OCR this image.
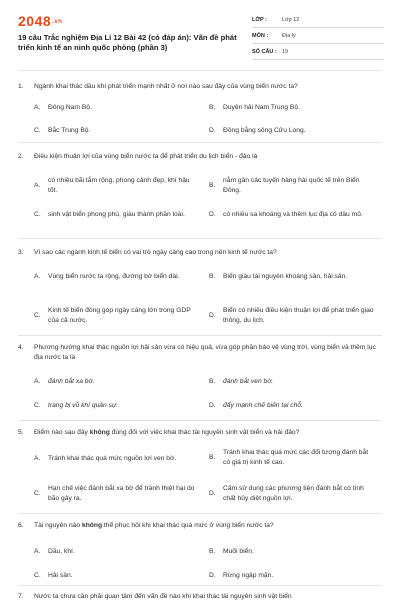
2048.vn
19 câu Trắc nghiệm Địa Lí 12 Bài 42 (có đáp án): Vấn đề phát triển kinh tế an ninh quốc phòng (phần 3)
LỚP :	Lớp 12
MÔN :	Địa lý
SỐ CÂU : 19
1.	Ngành khai thác dầu khí phát triển mạnh nhất ở nơi nào sau đây của vùng biển nước ta?
A.	Đông Nam Bộ.	B.	Duyên hải Nam Trung Bộ.
C.	Bắc Trung Bộ.	D.	Đồng bằng sông Cửu Long.
2.	Điều kiện thuận lợi của vùng biển nước ta để phát triển du lịch biển - đảo là
A.
có nhiều bãi tắm rộng, phong cảnh đẹp, khí hậu tốt.
B.
nằm gần các tuyến hàng hải quốc tế trên Biển Đông.
C.	sinh vật biển phong phú, giàu thành phần loài.	D.	có nhiều sa khoáng và thềm lục địa có dầu mỏ.
3.	Vì sao các ngành kinh tế biển có vai trò ngày càng cao trong nền kinh tế nước ta?
A.	Vùng biển nước ta rộng, đường bờ biển dài.	B.	Biển giàu tài nguyên khoáng sản, hải sản.
C.
Kinh tế biển đóng góp ngày càng lớn trong GDP của cả nước.
D.
Biển có nhiều điều kiện thuận lợi để phát triển giao thông, du lịch.
4.	Phương hướng khai thác nguồn lợi hải sản vừa có hiệu quả, vừa góp phần bảo vệ vùng trời, vùng biển và thềm lục địa nước ta là
A.	đánh bắt xa bờ.	B.	đánh bắt ven bờ.
C.	trang bị vũ khí quân sự.	D.	đẩy mạnh chế biến tại chỗ.
5.	Điểm nào sau đây không đúng đối với việc khai thác tài nguyên sinh vật biển và hải đảo?
A.	Tránh khai thác quá mức nguồn lợi ven bờ.	B.
Tránh khai thác quá mức các đối tượng đánh bắt có giá trị kinh tế cao.
C.
Hạn chế việc đánh bắt xa bờ để tránh thiệt hại do bão gây ra.
D.
Cấm sử dụng các phương tiện đánh bắt có tính chất hủy diệt nguồn lợi.
6.	Tài nguyên nào không thể phục hồi khi khai thác quá mức ở vùng biển nước ta?
A.	Dầu, khí.	B.	Muối biển.
C.	Hải sản.	D.	Rừng ngập mặn.
7.	Nước ta chưa cần phải quan tâm đến vấn đề nào khi khai thác tài nguyên sinh vật biển
